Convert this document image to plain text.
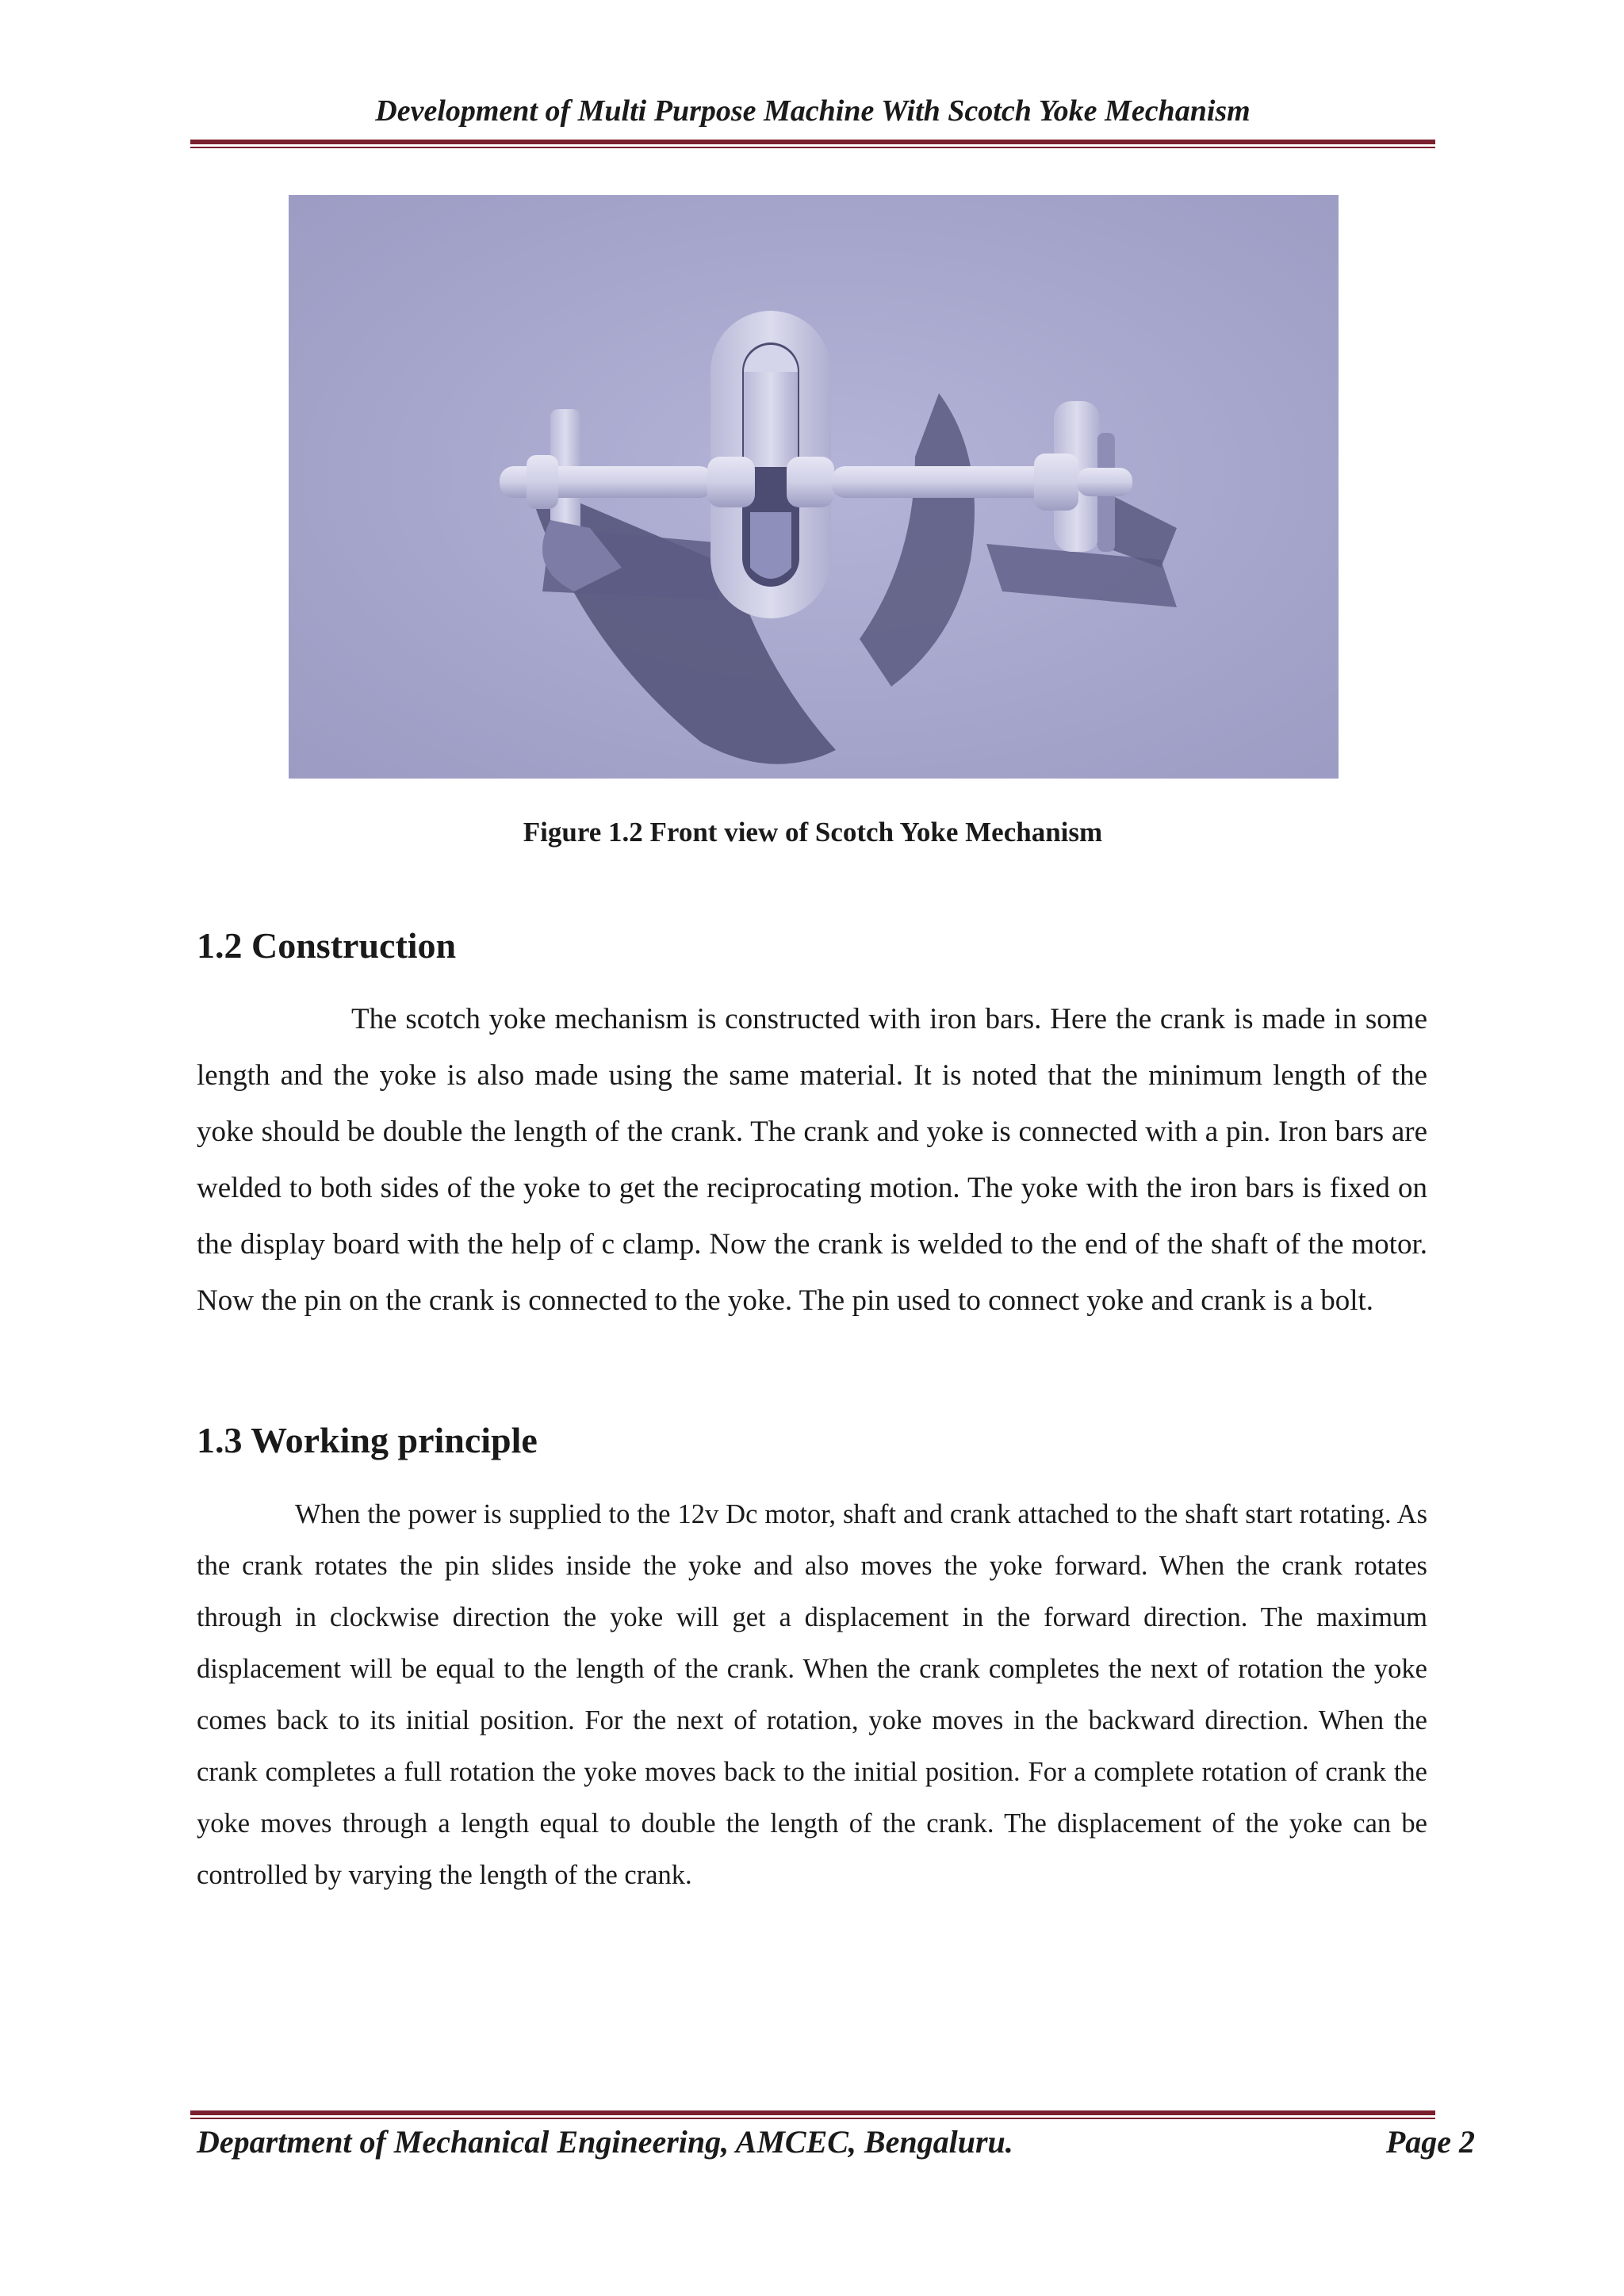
Development of Multi Purpose Machine With Scotch Yoke Mechanism
Figure 1.2 Front view of Scotch Yoke Mechanism
1.2 Construction

The scotch yoke mechanism is constructed with iron bars. Here the crank is made in some length and the yoke is also made using the same material. It is noted that the minimum length of the yoke should be double the length of the crank. The crank and yoke is connected with a pin. Iron bars are welded to both sides of the yoke to get the reciprocating motion. The yoke with the iron bars is fixed on the display board with the help of c clamp. Now the crank is welded to the end of the shaft of the motor. Now the pin on the crank is connected to the yoke. The pin used to connect yoke and crank is a bolt.

1.3 Working principle

When the power is supplied to the 12v Dc motor, shaft and crank attached to the shaft start rotating. As the crank rotates the pin slides inside the yoke and also moves the yoke forward. When the crank rotates through in clockwise direction the yoke will get a displacement in the forward direction. The maximum displacement will be equal to the length of the crank. When the crank completes the next of rotation the yoke comes back to its initial position. For the next of rotation, yoke moves in the backward direction. When the crank completes a full rotation the yoke moves back to the initial position. For a complete rotation of crank the yoke moves through a length equal to double the length of the crank. The displacement of the yoke can be controlled by varying the length of the crank.

Department of Mechanical Engineering, AMCEC, Bengaluru.	Page 2
